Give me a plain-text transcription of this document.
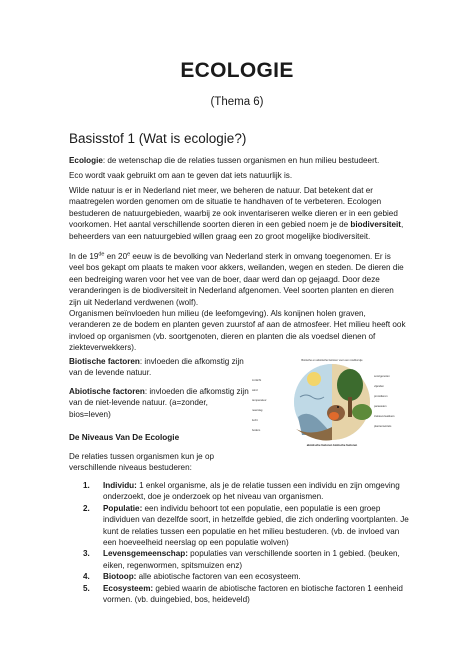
ECOLOGIE
(Thema 6)
Basisstof 1 (Wat is ecologie?)
Ecologie: de wetenschap die de relaties tussen organismen en hun milieu bestudeert.
Eco wordt vaak gebruikt om aan te geven dat iets natuurlijk is.
Wilde natuur is er in Nederland niet meer, we beheren de natuur. Dat betekent dat er maatregelen worden genomen om de situatie te handhaven of te verbeteren. Ecologen bestuderen de natuurgebieden, waarbij ze ook inventariseren welke dieren er in een gebied voorkomen. Het aantal verschillende soorten dieren in een gebied noem je de biodiversiteit, beheerders van een natuurgebied willen graag een zo groot mogelijke biodiversiteit.
In de 19de en 20e eeuw is de bevolking van Nederland sterk in omvang toegenomen. Er is veel bos gekapt om plaats te maken voor akkers, weilanden, wegen en steden. De dieren die een bedreiging waren voor het vee van de boer, daar werd dan op gejaagd. Door deze veranderingen is de biodiversiteit in Nederland afgenomen. Veel soorten planten en dieren zijn uit Nederland verdwenen (wolf).
Organismen beïnvloeden hun milieu (de leefomgeving). Als konijnen holen graven, veranderen ze de bodem en planten geven zuurstof af aan de atmosfeer. Het milieu heeft ook invloed op organismen (vb. soortgenoten, dieren en planten die als voedsel dienen of ziekteverwekkers).
Biotische factoren: invloeden die afkomstig zijn van de levende natuur.
Abiotische factoren: invloeden die afkomstig zijn van de niet-levende natuur. (a=zonder, bios=leven)
Biotische en abiotische factoren voor een roodborstje
zonlicht
wind
temperatuur
neerslag
lucht
bodem
soortgenoten
vijanden
prooidieren
parasieten
ziekteverwekkers
plantenwortels
abiotische factoren biotische factoren
De Niveaus Van De Ecologie
De relaties tussen organismen kun je op verschillende niveaus bestuderen:
1. Individu: 1 enkel organisme, als je de relatie tussen een individu en zijn omgeving onderzoekt, doe je onderzoek op het niveau van organismen.
2. Populatie: een individu behoort tot een populatie, een populatie is een groep individuen van dezelfde soort, in hetzelfde gebied, die zich onderling voortplanten. Je kunt de relaties tussen een populatie en het milieu bestuderen. (vb. de invloed van een hoeveelheid neerslag op een populatie wolven)
3. Levensgemeenschap: populaties van verschillende soorten in 1 gebied. (beuken, eiken, regenwormen, spitsmuizen enz)
4. Biotoop: alle abiotische factoren van een ecosysteem.
5. Ecosysteem: gebied waarin de abiotische factoren en biotische factoren 1 eenheid vormen. (vb. duingebied, bos, heideveld)
